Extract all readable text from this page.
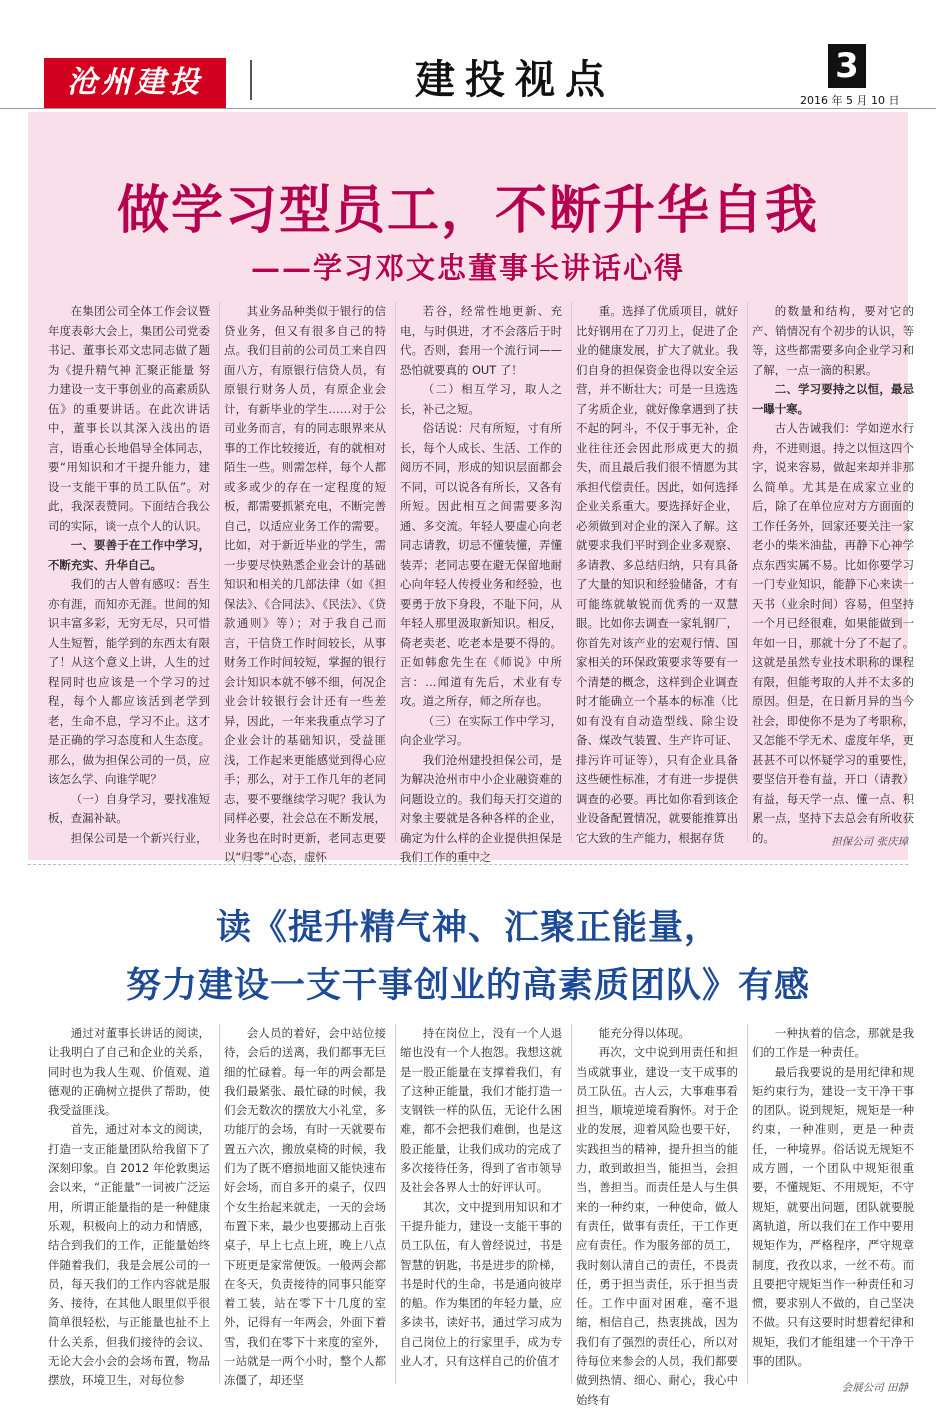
沧州建投	建投视点	3
2016 年 5 月 10 日
做学习型员工，不断升华自我
——学习邓文忠董事长讲话心得

在集团公司全体工作会议暨年度表彰大会上，集团公司党委书记、董事长邓文忠同志做了题为《提升精气神 汇聚正能量 努力建设一支干事创业的高素质队伍》的重要讲话。在此次讲话中，董事长以其深入浅出的语言，语重心长地倡导全体同志，要“用知识和才干提升能力，建设一支能干事的员工队伍”。对此，我深表赞同。下面结合我公司的实际，谈一点个人的认识。

一、要善于在工作中学习，不断充实、升华自己。

我们的古人曾有感叹：吾生亦有涯，而知亦无涯。世间的知识丰富多彩，无穷无尽，只可惜人生短暂，能学到的东西太有限了！从这个意义上讲，人生的过程同时也应该是一个学习的过程，每个人都应该活到老学到老，生命不息，学习不止。这才是正确的学习态度和人生态度。那么，做为担保公司的一员，应该怎么学、向谁学呢？

（一）自身学习，要找准短板，查漏补缺。

担保公司是一个新兴行业，

其业务品种类似于银行的信贷业务，但又有很多自己的特点。我们目前的公司员工来自四面八方，有原银行信贷人员，有原银行财务人员，有原企业会计，有新毕业的学生……对于公司业务而言，有的同志眼界来从事的工作比较接近，有的就相对陌生一些。则需怎样，每个人都或多或少的存在一定程度的短板，都需要抓紧充电，不断完善自己，以适应业务工作的需要。比如，对于新近毕业的学生，需一步要尽快熟悉企业会计的基础知识和相关的几部法律（如《担保法》、《合同法》、《民法》、《贷款通则》等）；对于我自己而言，干信贷工作时间较长，从事财务工作时间较短，掌握的银行会计知识本就不够不细，何况企业会计较银行会计还有一些差异，因此，一年来我重点学习了企业会计的基础知识，受益匪浅，工作起来更能感觉到得心应手；那么，对于工作几年的老同志，要不要继续学习呢？我认为同样必要，社会总在不断发展，业务也在时时更新，老同志更要以“归零”心态，虚怀

若谷，经常性地更新、充电，与时俱进，才不会落后于时代。否则，套用一个流行词——恐怕就要真的 OUT 了！

（二）相互学习，取人之长，补己之短。

俗话说：尺有所短，寸有所长，每个人成长、生活、工作的阅历不同，形成的知识层面都会不同，可以说各有所长，又各有所短。因此相互之间需要多沟通、多交流。年轻人要虚心向老同志请教，切忌不懂装懂，弄懂装弄；老同志要在避无保留地耐心向年轻人传授业务和经验，也要勇于放下身段，不耻下问，从年轻人那里汲取新知识。相反，倚老卖老、吃老本是要不得的。正如韩愈先生在《师说》中所言：…闻道有先后，术业有专攻。道之所存，师之所存也。

（三）在实际工作中学习，向企业学习。

我们沧州建投担保公司，是为解决沧州市中小企业融资难的问题设立的。我们每天打交道的对象主要就是各种各样的企业，确定为什么样的企业提供担保是我们工作的重中之

重。选择了优质项目，就好比好钢用在了刀刃上，促进了企业的健康发展，扩大了就业。我们自身的担保资金也得以安全运营，并不断壮大；可是一旦选选了劣质企业，就好像拿遇到了扶不起的阿斗，不仅于事无补，企业往往还会因此形成更大的损失，而且最后我们很不情愿为其承担代偿责任。因此，如何选择企业关系重大。要选择好企业，必须做到对企业的深入了解。这就要求我们平时到企业多观察、多请教、多总结归纳，只有具备了大量的知识和经验储备，才有可能练就敏锐而优秀的一双慧眼。比如你去调查一家轧钢厂，你首先对该产业的宏观行情、国家相关的环保政策要求等要有一个清楚的概念，这样到企业调查时才能确立一个基本的标准（比如有没有自动造型线、除尘设备、煤改气装置、生产许可证、排污许可证等），只有企业具备这些硬性标准，才有进一步提供调查的必要。再比如你看到该企业设备配置情况，就要能推算出它大致的生产能力，根据存货

的数量和结构，要对它的产、销情况有个初步的认识，等等，这些都需要多向企业学习和了解，一点一滴的积累。

二、学习要持之以恒，最忌一曝十寒。

古人告诫我们：学如逆水行舟，不进则退。持之以恒这四个字，说来容易，做起来却并非那么简单。尤其是在成家立业的后，除了在单位应对方方面面的工作任务外，回家还要关注一家老小的柴米油盐，再静下心神学点东西实属不易。比如你要学习一门专业知识，能静下心来读一天书（业余时间）容易，但坚持一个月已经很难，如果能做到一年如一日，那就十分了不起了。这就是虽然专业技术职称的课程有限，但能考取的人并不太多的原因。但是，在日新月异的当今社会，即使你不是为了考职称，又怎能不学无术、虚度年华，更甚甚不可以怀疑学习的重要性，要坚信开卷有益，开口（请教）有益，每天学一点、懂一点、积累一点，坚持下去总会有所收获的。	担保公司 张庆璋
读《提升精气神、汇聚正能量，
努力建设一支干事创业的高素质团队》有感

通过对董事长讲话的阅读，让我明白了自己和企业的关系，同时也为我人生观、价值观、道德观的正确树立提供了帮助，使我受益匪浅。

首先，通过对本文的阅读，打造一支正能量团队给我留下了深刻印象。自 2012 年伦敦奥运会以来，“正能量”一词被广泛运用，所谓正能量指的是一种健康乐观，积极向上的动力和情感，结合到我们的工作，正能量始终伴随着我们，我是会展公司的一员，每天我们的工作内容就是服务、接待，在其他人眼里似乎很简单很轻松，与正能量也扯不上什么关系，但我们接待的会议、无论大会小会的会场布置，物品摆放，环境卫生，对每位参

会人员的着好，会中站位接待，会后的送离，我们都事无巨细的忙碌着。每一年的两会都是我们最紧张、最忙碌的时候，我们会无数次的摆放大小礼堂，多功能厅的会场，有时一天就要布置五六次，搬放桌椅的时候，我们为了既不磨损地面又能快速布好会场，而自多开的桌子，仅四个女生抬起来就走，一天的会场布置下来，最少也要挪动上百张桌子，早上七点上班，晚上八点下班更是家常便饭。一般两会都在冬天，负责接待的同事只能穿着工装，站在零下十几度的室外，记得有一年两会，外面下着雪，我们在零下十来度的室外，一站就是一两个小时，整个人都冻僵了，却还坚

持在岗位上，没有一个人退缩也没有一个人抱怨。我想这就是一股正能量在支撑着我们，有了这种正能量，我们才能打造一支钢铁一样的队伍，无论什么困难，都不会把我们难倒，也是这股正能量，让我们成功的完成了多次接待任务，得到了省市领导及社会各界人士的好评认可。

其次，文中提到用知识和才干提升能力，建设一支能干事的员工队伍，有人曾经说过，书是智慧的钥匙，书是进步的阶梯，书是时代的生命，书是通向彼岸的船。作为集团的年轻力量，应多读书，读好书，通过学习成为自己岗位上的行家里手，成为专业人才，只有这样自己的价值才

能充分得以体现。

再次，文中说到用责任和担当成就事业，建设一支干成事的员工队伍。古人云，大事难事看担当，顺境逆境看胸怀。对于企业的发展，迎着风险也要干好，实践担当的精神，提升担当的能力，敢到敢担当，能担当，会担当，善担当。而责任是人与生俱来的一种约束，一种使命，做人有责任，做事有责任，干工作更应有责任。作为服务部的员工，我时刻认清自己的责任，不畏责任，勇于担当责任，乐于担当责任。工作中面对困难，毫不退缩，相信自己，热衷挑战，因为我们有了强烈的责任心，所以对待每位来参会的人员，我们都要做到热情、细心、耐心，我心中始终有

一种执着的信念，那就是我们的工作是一种责任。

最后我要说的是用纪律和规矩约束行为，建设一支干净干事的团队。说到规矩，规矩是一种约束，一种准则，更是一种责任，一种境界。俗话说无规矩不成方圆，一个团队中规矩很重要，不懂规矩、不用规矩，不守规矩，就要出问题，团队就要脱离轨道，所以我们在工作中要用规矩作为，严格程序，严守规章制度，孜孜以求，一丝不苟。而且要把守规矩当作一种责任和习惯，要求别人不做的，自己坚决不做。只有这要时时想着纪律和规矩，我们才能组建一个干净干事的团队。

会展公司 田静
